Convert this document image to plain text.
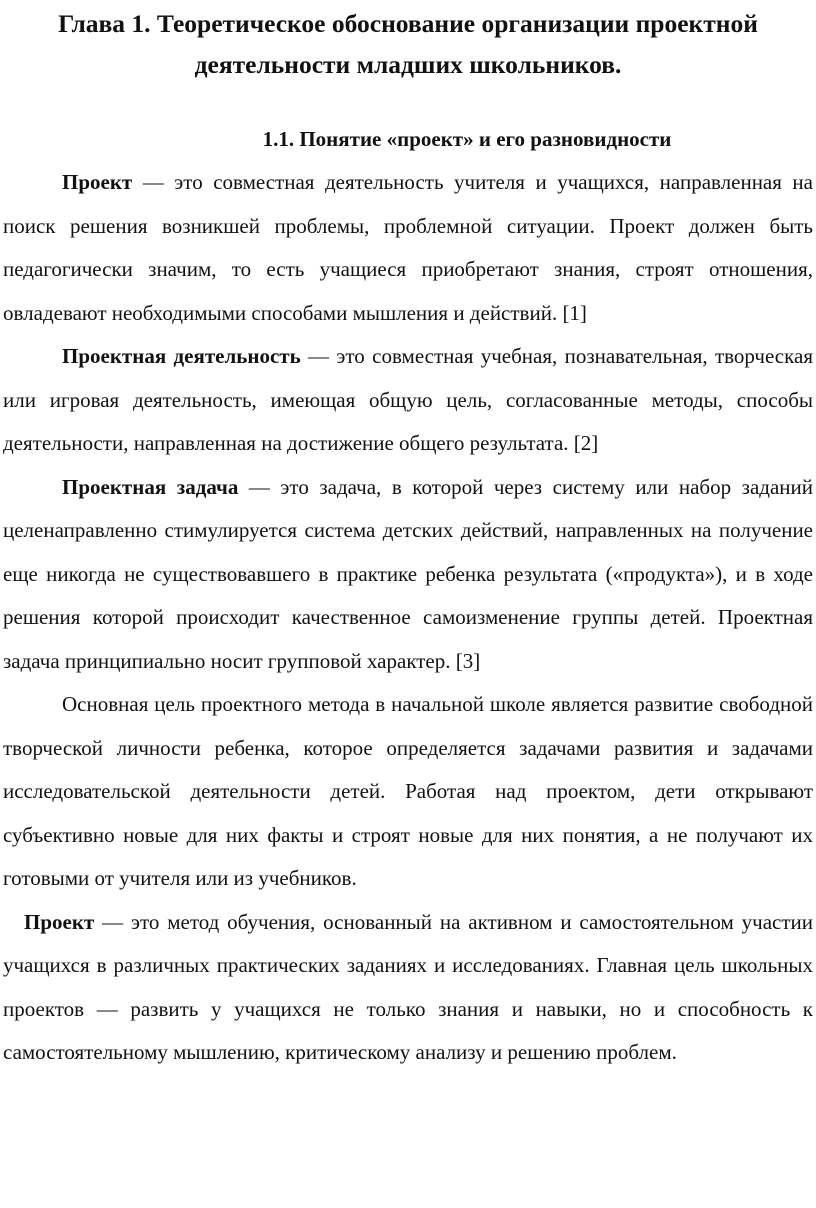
Глава 1. Теоретическое обоснование организации проектной деятельности младших школьников.
1.1. Понятие «проект» и его разновидности

Проект — это совместная деятельность учителя и учащихся, направленная на поиск решения возникшей проблемы, проблемной ситуации. Проект должен быть педагогически значим, то есть учащиеся приобретают знания, строят отношения, овладевают необходимыми способами мышления и действий. [1]

Проектная деятельность — это совместная учебная, познавательная, творческая или игровая деятельность, имеющая общую цель, согласованные методы, способы деятельности, направленная на достижение общего результата. [2]

Проектная задача — это задача, в которой через систему или набор заданий целенаправленно стимулируется система детских действий, направленных на получение еще никогда не существовавшего в практике ребенка результата («продукта»), и в ходе решения которой происходит качественное самоизменение группы детей. Проектная задача принципиально носит групповой характер. [3]

Основная цель проектного метода в начальной школе является развитие свободной творческой личности ребенка, которое определяется задачами развития и задачами исследовательской деятельности детей. Работая над проектом, дети открывают субъективно новые для них факты и строят новые для них понятия, а не получают их готовыми от учителя или из учебников.

Проект — это метод обучения, основанный на активном и самостоятельном участии учащихся в различных практических заданиях и исследованиях. Главная цель школьных проектов — развить у учащихся не только знания и навыки, но и способность к самостоятельному мышлению, критическому анализу и решению проблем.
